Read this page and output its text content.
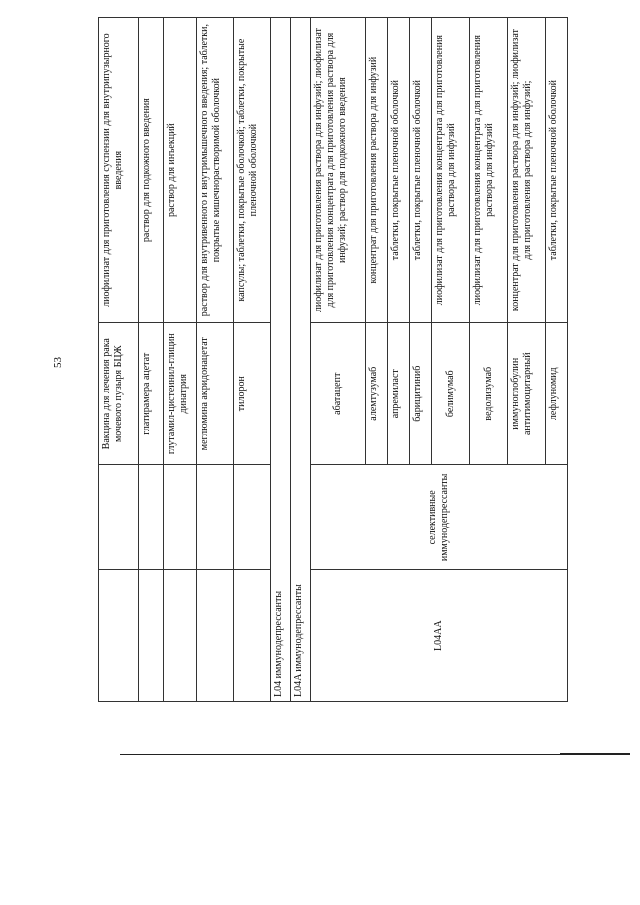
53
			Вакцина для лечения рака мочевого пузыря БЦЖ	лиофилизат для приготовления суспензии для внутрипузырного введения
		глатирамера ацетат	раствор для подкожного введения
		глутамил-цистеинил-глицин динатрия	раствор для инъекций
		меглюмина акридонацетат	раствор для внутривенного и внутримышечного введения; таблетки, покрытые кишечнорастворимой оболочкой
		тилорон	капсулы; таблетки, покрытые оболочкой; таблетки, покрытые пленочной оболочкой
L04 иммунодепрессанты			
L04A иммунодепрессанты			
L04AA	селективные иммунодепрессанты	абатацепт	лиофилизат для приготовления раствора для инфузий; лиофилизат для приготовления концентрата для приготовления раствора для инфузий; раствор для подкожного введения
		алемтузумаб	концентрат для приготовления раствора для инфузий
		апремиласт	таблетки, покрытые пленочной оболочкой
		барицитиниб	таблетки, покрытые пленочной оболочкой
		белимумаб	лиофилизат для приготовления концентрата для приготовления раствора для инфузий
		ведолизумаб	лиофилизат для приготовления концентрата для приготовления раствора для инфузий
		иммуноглобулин антитимоцитарный	концентрат для приготовления раствора для инфузий; лиофилизат для приготовления раствора для инфузий;
		лефлуномид	таблетки, покрытые пленочной оболочкой
